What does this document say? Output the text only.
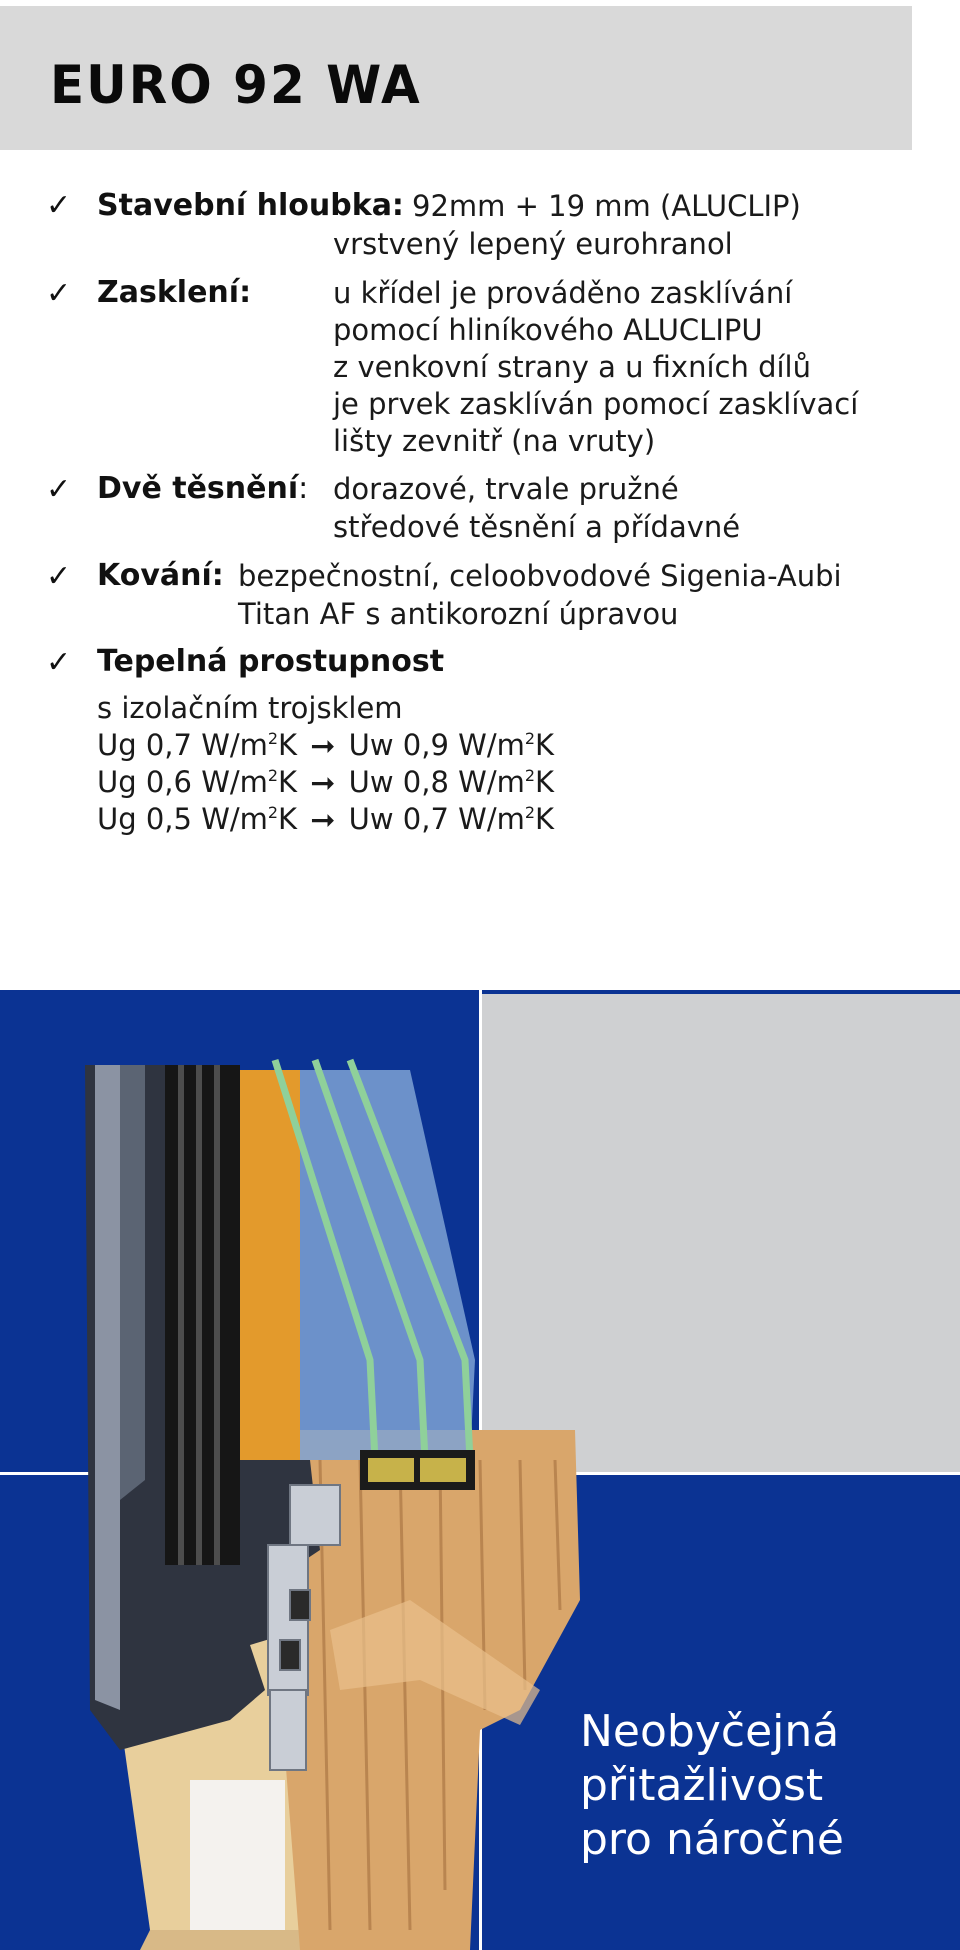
EURO 92 WA
✓ Stavební hloubka: 92mm + 19 mm (ALUCLIP)
vrstvený lepený eurohranol
✓ Zasklení:	u křídel je prováděno zasklívání
pomocí hliníkového ALUCLIPU
z venkovní strany a u fixních dílů
je prvek zasklíván pomocí zasklívací
lišty zevnitř (na vruty)
✓ Dvě těsnění: dorazové, trvale pružné
středové těsnění a přídavné
✓ Kování: bezpečnostní, celoobvodové Sigenia-Aubi
Titan AF s antikorozní úpravou
✓ Tepelná prostupnost
s izolačním trojsklem
Ug 0,7 $W/m^2K$ ➞ Uw 0,9 $W/m^2K$
Ug 0,6 $W/m^2K$ ➞ Uw 0,8 $W/m^2K$
Ug 0,5 $W/m^2K$ ➞ Uw 0,7 $W/m^2K$
Neobyčejná
přitažlivost
pro náročné
